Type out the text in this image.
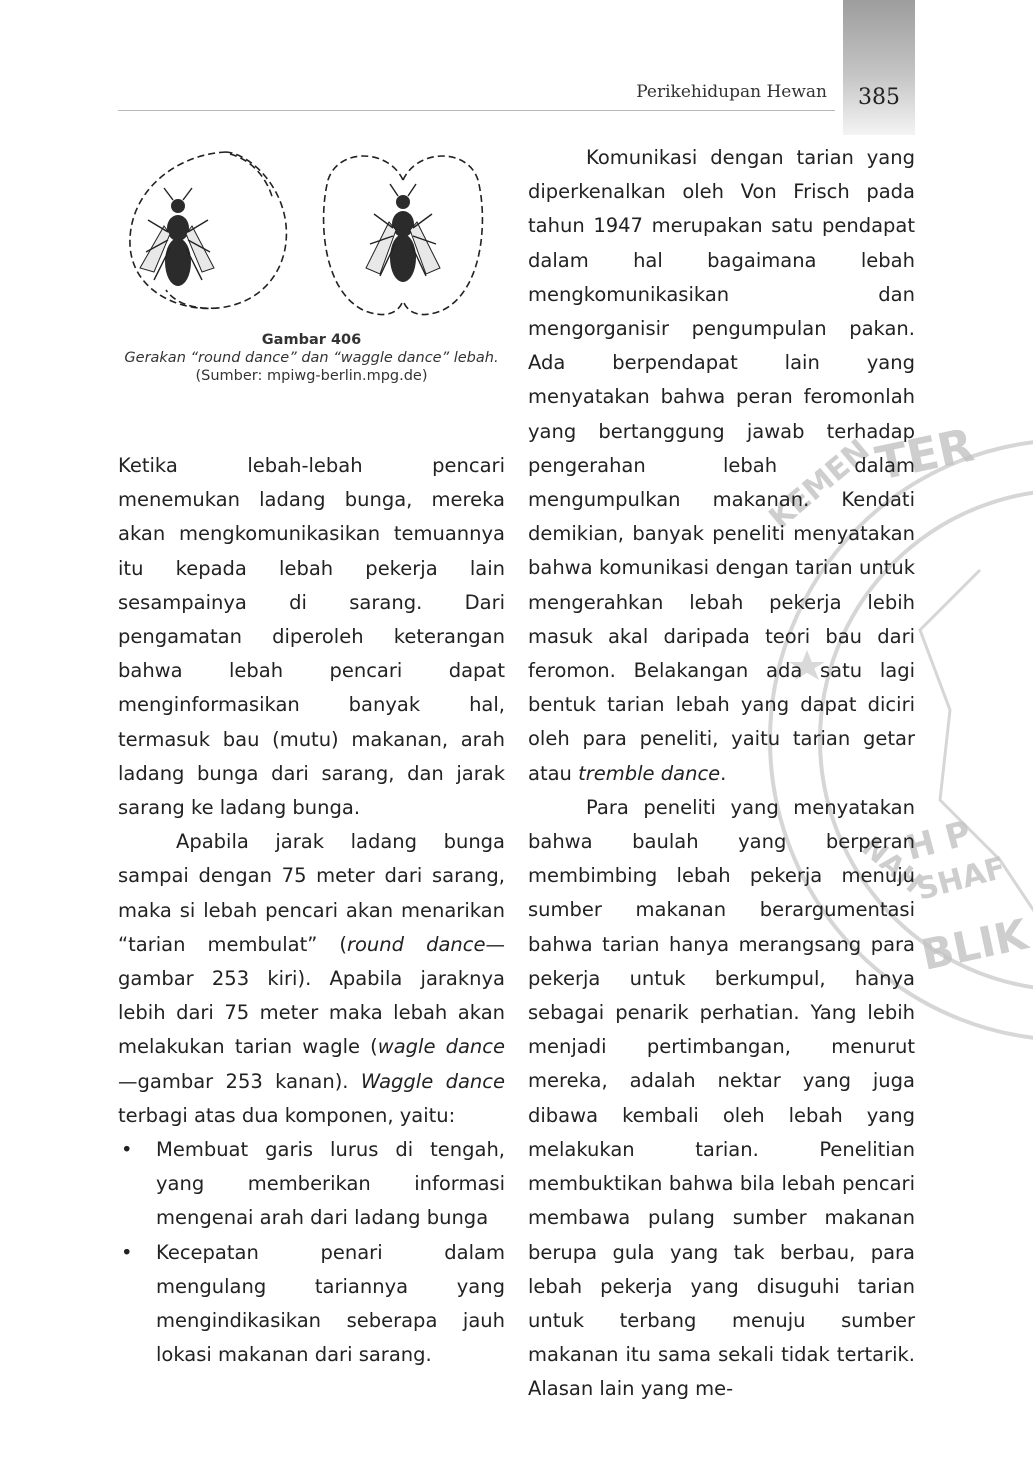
Perikehidupan Hewan	385
TER
KEMEN
H P
SHAF
BLIK
NAH
Gambar 406
Gerakan “round dance” dan “waggle dance” lebah.
(Sumber: mpiwg-berlin.mpg.de)

Ketika lebah-lebah pencari menemukan ladang bunga, mereka akan mengkomunikasikan temuannya itu kepada lebah pekerja lain sesampainya di sarang. Dari pengamatan diperoleh keterangan bahwa lebah pencari dapat menginformasikan banyak hal, termasuk bau (mutu) makanan, arah ladang bunga dari sarang, dan jarak sarang ke ladang bunga.

Apabila jarak ladang bunga sampai dengan 75 meter dari sarang, maka si lebah pencari akan menarikan “tarian membulat” (round dance—gambar 253 kiri). Apabila jaraknya lebih dari 75 meter maka lebah akan melakukan tarian wagle (wagle dance—gambar 253 kanan). Waggle dance terbagi atas dua komponen, yaitu:

• Membuat garis lurus di tengah, yang memberikan informasi mengenai arah dari ladang bunga
• Kecepatan penari dalam mengulang tariannya yang mengindikasikan seberapa jauh lokasi makanan dari sarang.

Komunikasi dengan tarian yang diperkenalkan oleh Von Frisch pada tahun 1947 merupakan satu pendapat dalam hal bagaimana lebah mengkomunikasikan dan mengorganisir pengumpulan pakan. Ada berpendapat lain yang menyatakan bahwa peran feromonlah yang bertanggung jawab terhadap pengerahan lebah dalam mengumpulkan makanan. Kendati demikian, banyak peneliti menyatakan bahwa komunikasi dengan tarian untuk mengerahkan lebah pekerja lebih masuk akal daripada teori bau dari feromon. Belakangan ada satu lagi bentuk tarian lebah yang dapat diciri oleh para peneliti, yaitu tarian getar atau tremble dance.

Para peneliti yang menyatakan bahwa baulah yang berperan membimbing lebah pekerja menuju sumber makanan berargumentasi bahwa tarian hanya merangsang para pekerja untuk berkumpul, hanya sebagai penarik perhatian. Yang lebih menjadi pertimbangan, menurut mereka, adalah nektar yang juga dibawa kembali oleh lebah yang melakukan tarian. Penelitian membuktikan bahwa bila lebah pencari membawa pulang sumber makanan berupa gula yang tak berbau, para lebah pekerja yang disuguhi tarian untuk terbang menuju sumber makanan itu sama sekali tidak tertarik. Alasan lain yang me-
